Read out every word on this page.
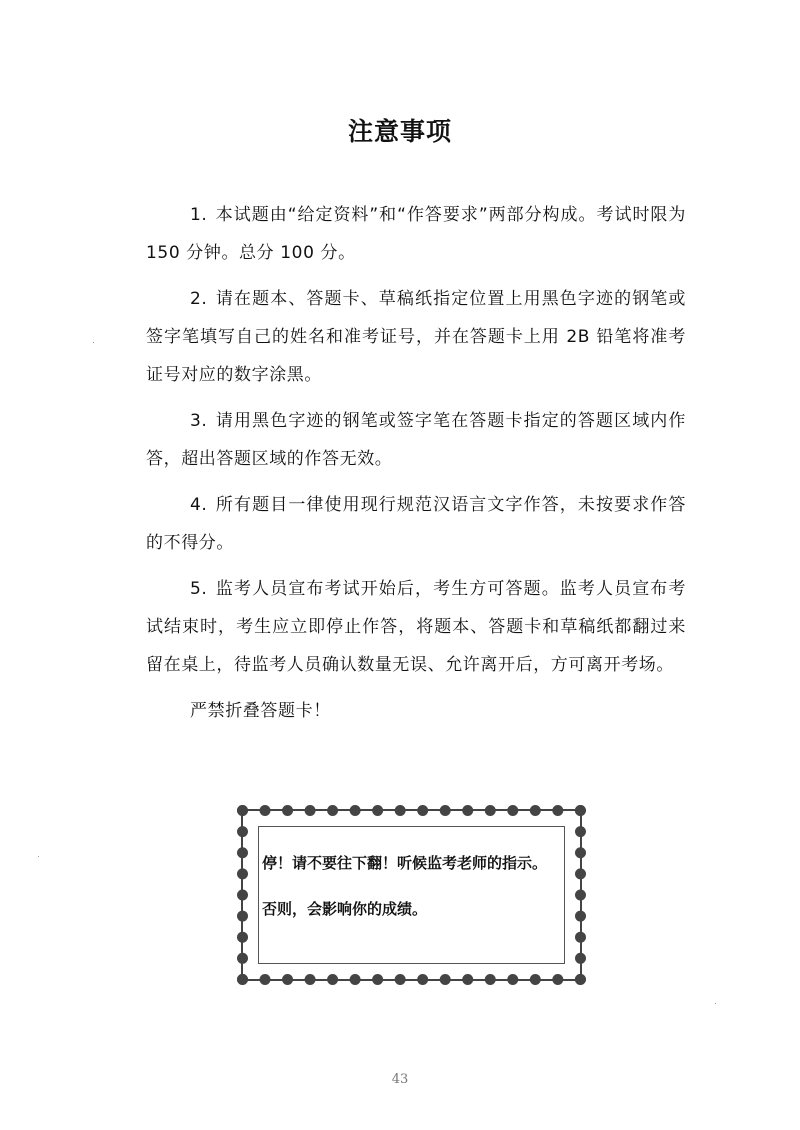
注意事项

1. 本试题由“给定资料”和“作答要求”两部分构成。考试时限为 150 分钟。总分 100 分。

2. 请在题本、答题卡、草稿纸指定位置上用黑色字迹的钢笔或签字笔填写自己的姓名和准考证号，并在答题卡上用 2B 铅笔将准考证号对应的数字涂黑。

3. 请用黑色字迹的钢笔或签字笔在答题卡指定的答题区域内作答，超出答题区域的作答无效。

4. 所有题目一律使用现行规范汉语言文字作答，未按要求作答的不得分。

5. 监考人员宣布考试开始后，考生方可答题。监考人员宣布考试结束时，考生应立即停止作答，将题本、答题卡和草稿纸都翻过来留在桌上，待监考人员确认数量无误、允许离开后，方可离开考场。

严禁折叠答题卡！
停！请不要往下翻！听候监考老师的指示。
否则，会影响你的成绩。
43
